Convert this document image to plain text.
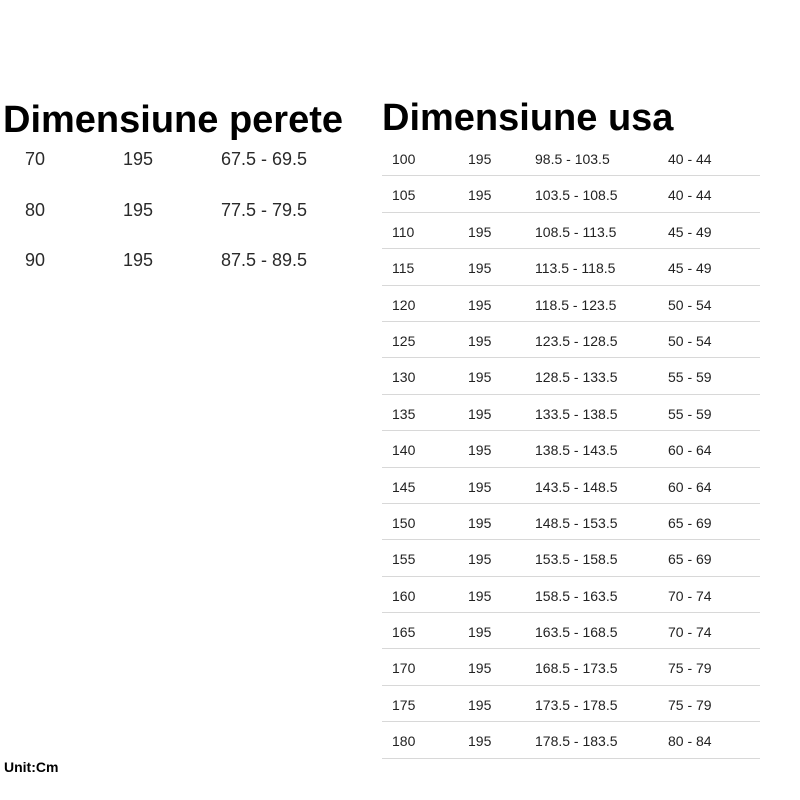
Dimensiune perete Dimensiune usa
70	195	67.5 - 69.5
80	195	77.5 - 79.5
90	195	87.5 - 89.5
100	195	98.5 - 103.5	40 - 44
105	195	103.5 - 108.5	40 - 44
110	195	108.5 - 113.5	45 - 49
115	195	113.5 - 118.5	45 - 49
120	195	118.5 - 123.5	50 - 54
125	195	123.5 - 128.5	50 - 54
130	195	128.5 - 133.5	55 - 59
135	195	133.5 - 138.5	55 - 59
140	195	138.5 - 143.5	60 - 64
145	195	143.5 - 148.5	60 - 64
150	195	148.5 - 153.5	65 - 69
155	195	153.5 - 158.5	65 - 69
160	195	158.5 - 163.5	70 - 74
165	195	163.5 - 168.5	70 - 74
170	195	168.5 - 173.5	75 - 79
175	195	173.5 - 178.5	75 - 79
180	195	178.5 - 183.5	80 - 84
Unit:Cm
